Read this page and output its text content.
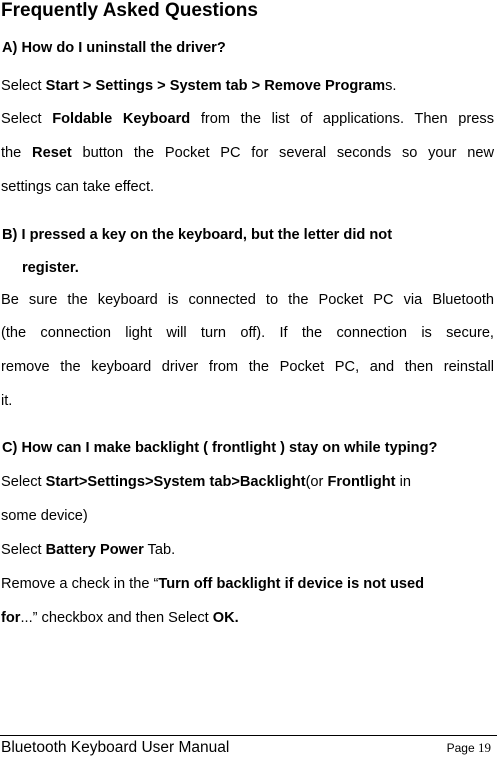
Frequently Asked Questions
A) How do I uninstall the driver?
Select Start > Settings > System tab > Remove Programs.
Select Foldable Keyboard from the list of applications. Then press
the Reset button the Pocket PC for several seconds so your new
settings can take effect.
B) I pressed a key on the keyboard, but the letter did not
register.
Be sure the keyboard is connected to the Pocket PC via Bluetooth
(the connection light will turn off). If the connection is secure,
remove the keyboard driver from the Pocket PC, and then reinstall
it.
C) How can I make backlight ( frontlight ) stay on while typing?
Select Start>Settings>System tab>Backlight(or Frontlight in
some device)
Select Battery Power Tab.
Remove a check in the “Turn off backlight if device is not used
for...” checkbox and then Select OK.
Bluetooth Keyboard User Manual	Page 19
